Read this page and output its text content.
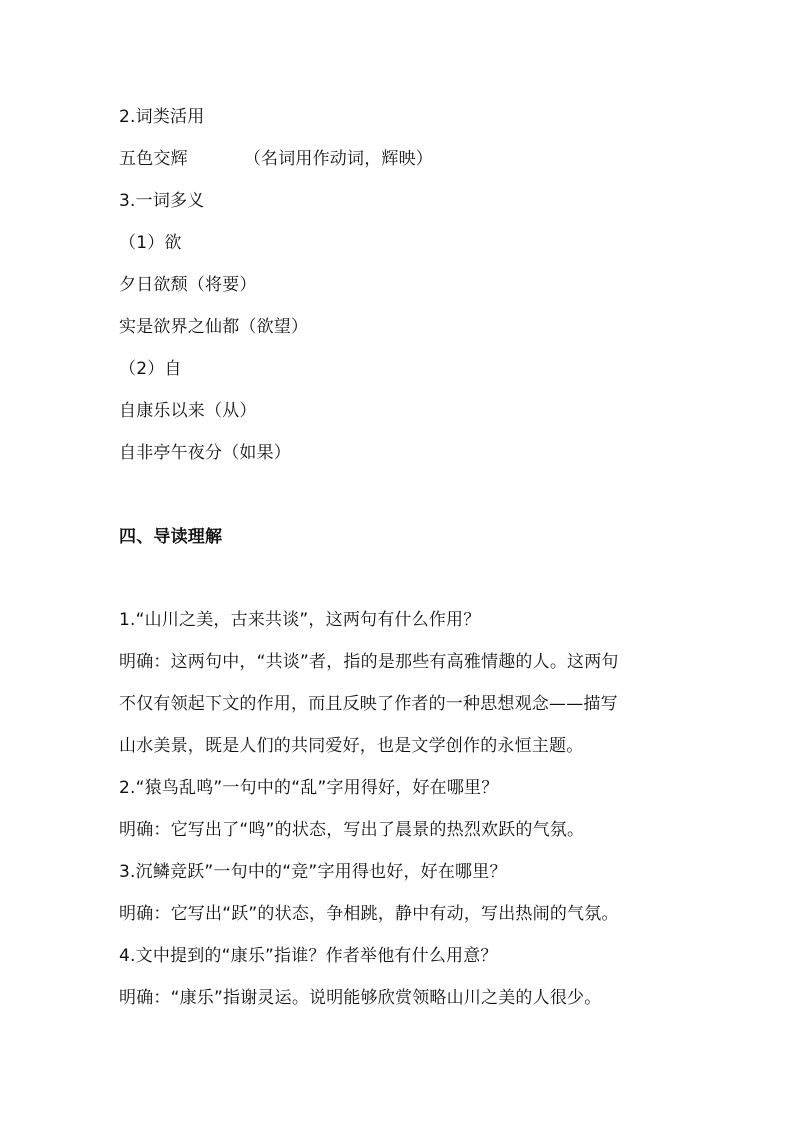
2.词类活用
五色交辉	（名词用作动词，辉映）
3.一词多义
（1）欲
夕日欲颓（将要）
实是欲界之仙都（欲望）
（2）自
自康乐以来（从）
自非亭午夜分（如果）
四、导读理解
1.“山川之美，古来共谈”，这两句有什么作用？
明确：这两句中，“共谈”者，指的是那些有高雅情趣的人。这两句
不仅有领起下文的作用，而且反映了作者的一种思想观念——描写
山水美景，既是人们的共同爱好，也是文学创作的永恒主题。
2.“猿鸟乱鸣”一句中的“乱”字用得好，好在哪里？
明确：它写出了“鸣”的状态，写出了晨景的热烈欢跃的气氛。
3.沉鳞竞跃”一句中的“竞”字用得也好，好在哪里？
明确：它写出“跃”的状态，争相跳，静中有动，写出热闹的气氛。
4.文中提到的“康乐”指谁？作者举他有什么用意？
明确：“康乐”指谢灵运。说明能够欣赏领略山川之美的人很少。
